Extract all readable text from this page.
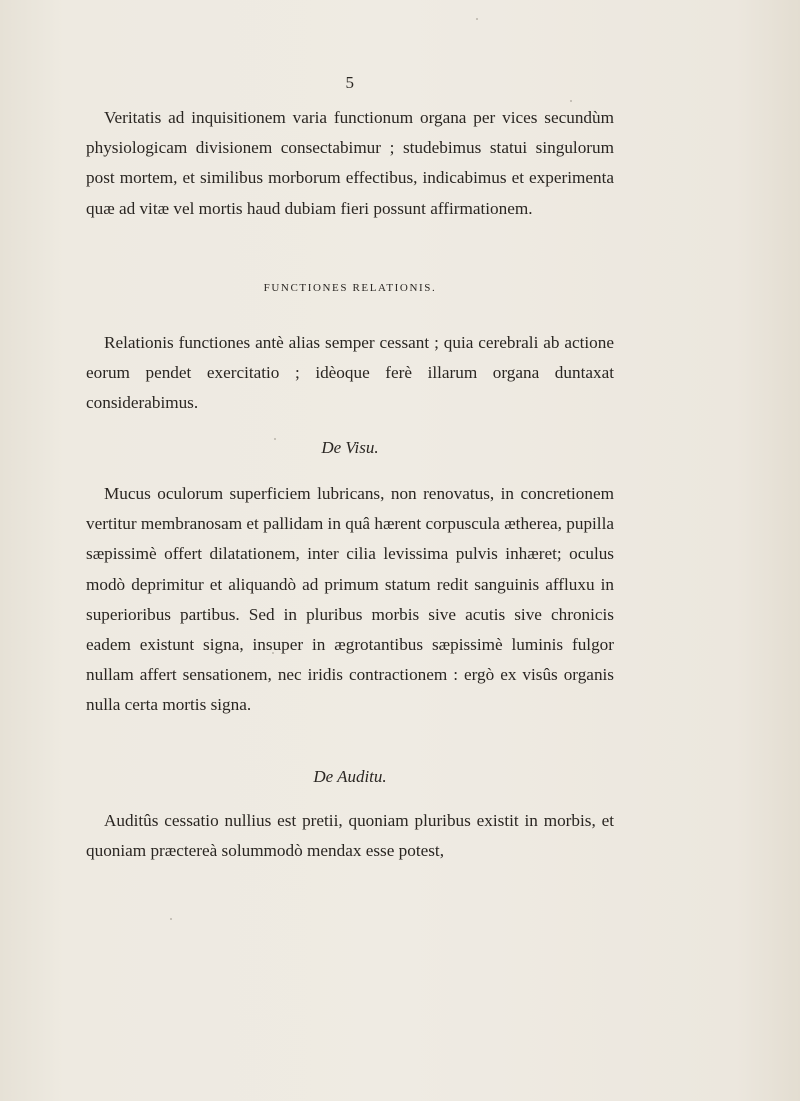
5

Veritatis ad inquisitionem varia functionum organa per vices secundùm physiologicam divisionem consectabimur ; studebimus statui singulorum post mortem, et similibus morborum effectibus, indicabimus et experimenta quæ ad vitæ vel mortis haud dubiam fieri possunt affirmationem.

FUNCTIONES RELATIONIS.

Relationis functiones antè alias semper cessant ; quia cerebrali ab actione eorum pendet exercitatio ; idèoque ferè illarum organa duntaxat considerabimus.

De Visu.

Mucus oculorum superficiem lubricans, non renovatus, in concretionem vertitur membranosam et pallidam in quâ hærent corpuscula ætherea, pupilla sæpissimè offert dilatationem, inter cilia levissima pulvis inhæret; oculus modò deprimitur et aliquandò ad primum statum redit sanguinis affluxu in superioribus partibus. Sed in pluribus morbis sive acutis sive chronicis eadem existunt signa, insuper in ægrotantibus sæpissimè luminis fulgor nullam affert sensationem, nec iridis contractionem : ergò ex visûs organis nulla certa mortis signa.

De Auditu.

Auditûs cessatio nullius est pretii, quoniam pluribus existit in morbis, et quoniam præctereà solummodò mendax esse potest,
